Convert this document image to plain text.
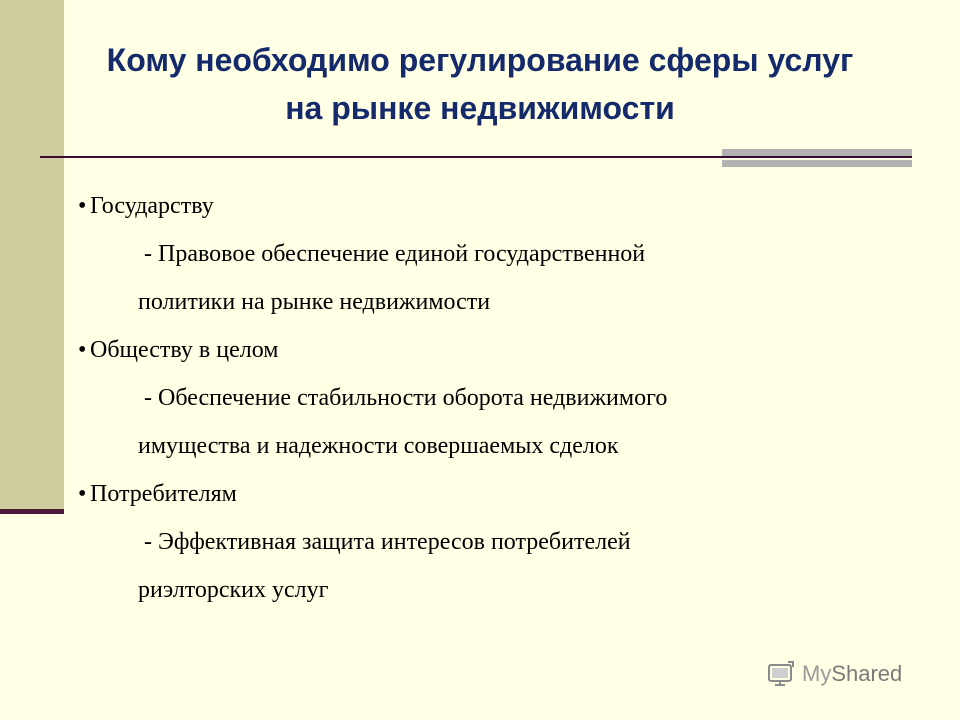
Кому необходимо регулирование сферы услуг
на рынке недвижимости
• Государству
- Правовое обеспечение единой государственной
политики на рынке недвижимости
• Обществу в целом
- Обеспечение стабильности оборота недвижимого
имущества и надежности совершаемых сделок
• Потребителям
- Эффективная защита интересов потребителей
риэлторских услуг
MyShared
